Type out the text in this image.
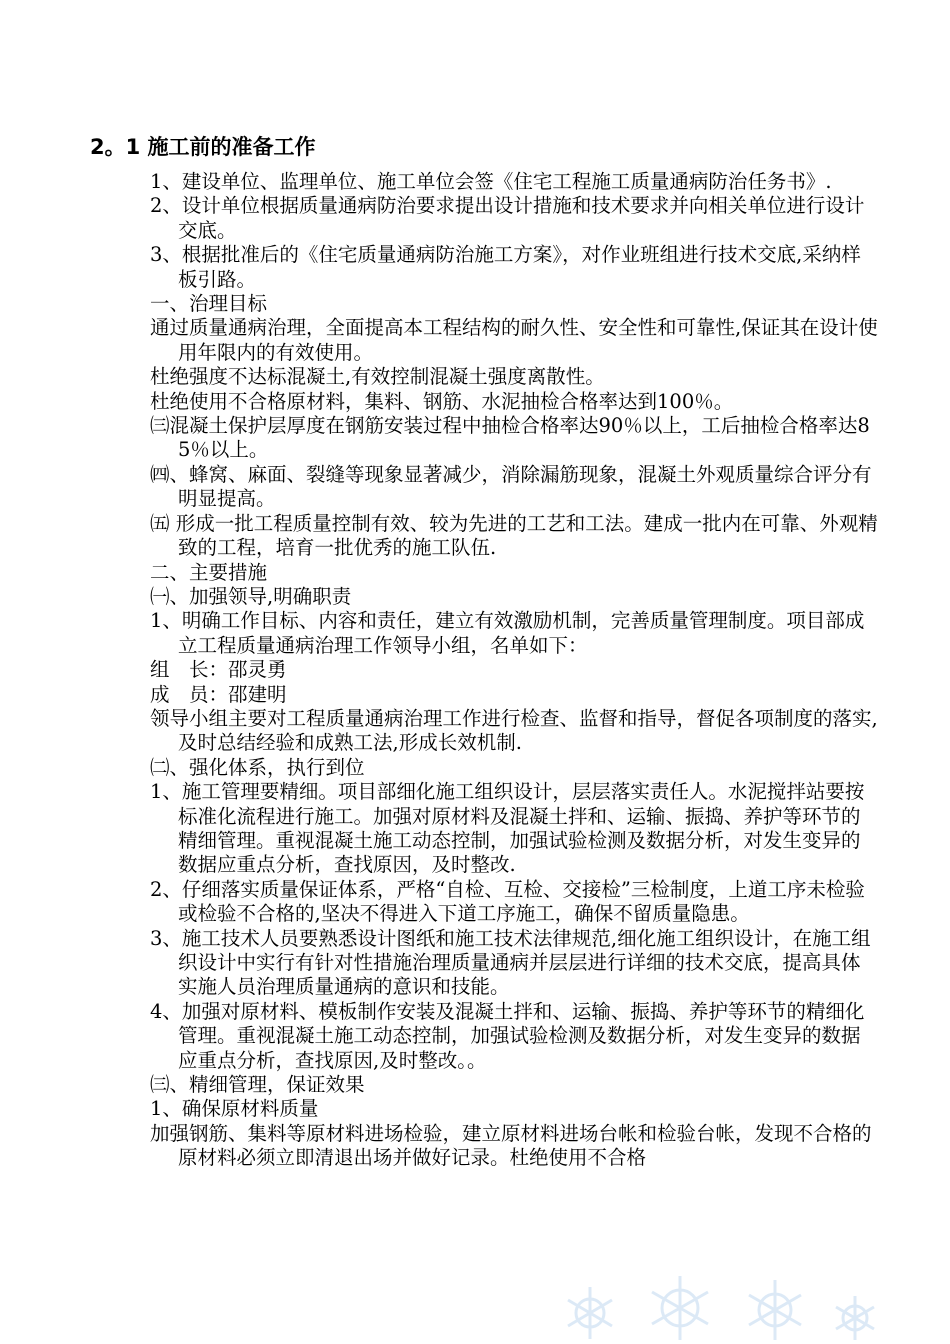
2。1 施工前的准备工作

1、建设单位、监理单位、施工单位会签《住宅工程施工质量通病防治任务书》.

2、设计单位根据质量通病防治要求提出设计措施和技术要求并向相关单位进行设计交底。

3、根据批准后的《住宅质量通病防治施工方案》，对作业班组进行技术交底,采纳样板引路。

一、治理目标

通过质量通病治理，全面提高本工程结构的耐久性、安全性和可靠性,保证其在设计使用年限内的有效使用。

杜绝强度不达标混凝土,有效控制混凝土强度离散性。

杜绝使用不合格原材料，集料、钢筋、水泥抽检合格率达到100％。

㈢混凝土保护层厚度在钢筋安装过程中抽检合格率达90％以上，工后抽检合格率达85％以上。

㈣、蜂窝、麻面、裂缝等现象显著减少，消除漏筋现象，混凝土外观质量综合评分有明显提高。

㈤ 形成一批工程质量控制有效、较为先进的工艺和工法。建成一批内在可靠、外观精致的工程，培育一批优秀的施工队伍.

二、主要措施

㈠、加强领导,明确职责

1、明确工作目标、内容和责任，建立有效激励机制，完善质量管理制度。项目部成立工程质量通病治理工作领导小组，名单如下：

组　长：邵灵勇

成　员：邵建明

领导小组主要对工程质量通病治理工作进行检查、监督和指导，督促各项制度的落实,及时总结经验和成熟工法,形成长效机制.

㈡、强化体系，执行到位

1、施工管理要精细。项目部细化施工组织设计，层层落实责任人。水泥搅拌站要按标准化流程进行施工。加强对原材料及混凝土拌和、运输、振捣、养护等环节的精细管理。重视混凝土施工动态控制，加强试验检测及数据分析，对发生变异的数据应重点分析，查找原因，及时整改.

2、仔细落实质量保证体系，严格“自检、互检、交接检”三检制度，上道工序未检验或检验不合格的,坚决不得进入下道工序施工，确保不留质量隐患。

3、施工技术人员要熟悉设计图纸和施工技术法律规范,细化施工组织设计，在施工组织设计中实行有针对性措施治理质量通病并层层进行详细的技术交底，提高具体实施人员治理质量通病的意识和技能。

4、加强对原材料、模板制作安装及混凝土拌和、运输、振捣、养护等环节的精细化管理。重视混凝土施工动态控制，加强试验检测及数据分析，对发生变异的数据应重点分析，查找原因,及时整改。。

㈢、精细管理，保证效果

1、确保原材料质量

加强钢筋、集料等原材料进场检验，建立原材料进场台帐和检验台帐，发现不合格的原材料必须立即清退出场并做好记录。杜绝使用不合格
